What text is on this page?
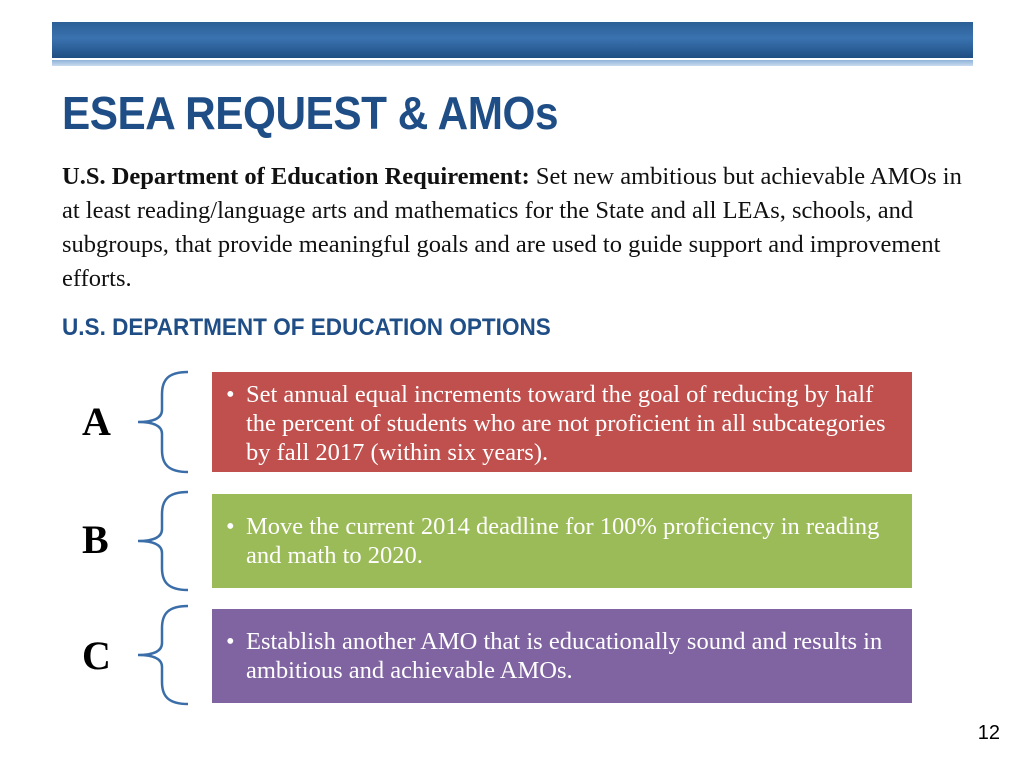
ESEA REQUEST & AMOs

U.S. Department of Education Requirement: Set new ambitious but achievable AMOs in at least reading/language arts and mathematics for the State and all LEAs, schools, and subgroups, that provide meaningful goals and are used to guide support and improvement efforts.

U.S. DEPARTMENT OF EDUCATION OPTIONS
A
• Set annual equal increments toward the goal of reducing by half the percent of students who are not proficient in all subcategories by fall 2017 (within six years).
B	• Move the current 2014 deadline for 100% proficiency in reading and math to 2020.
C	• Establish another AMO that is educationally sound and results in ambitious and achievable AMOs.
12
